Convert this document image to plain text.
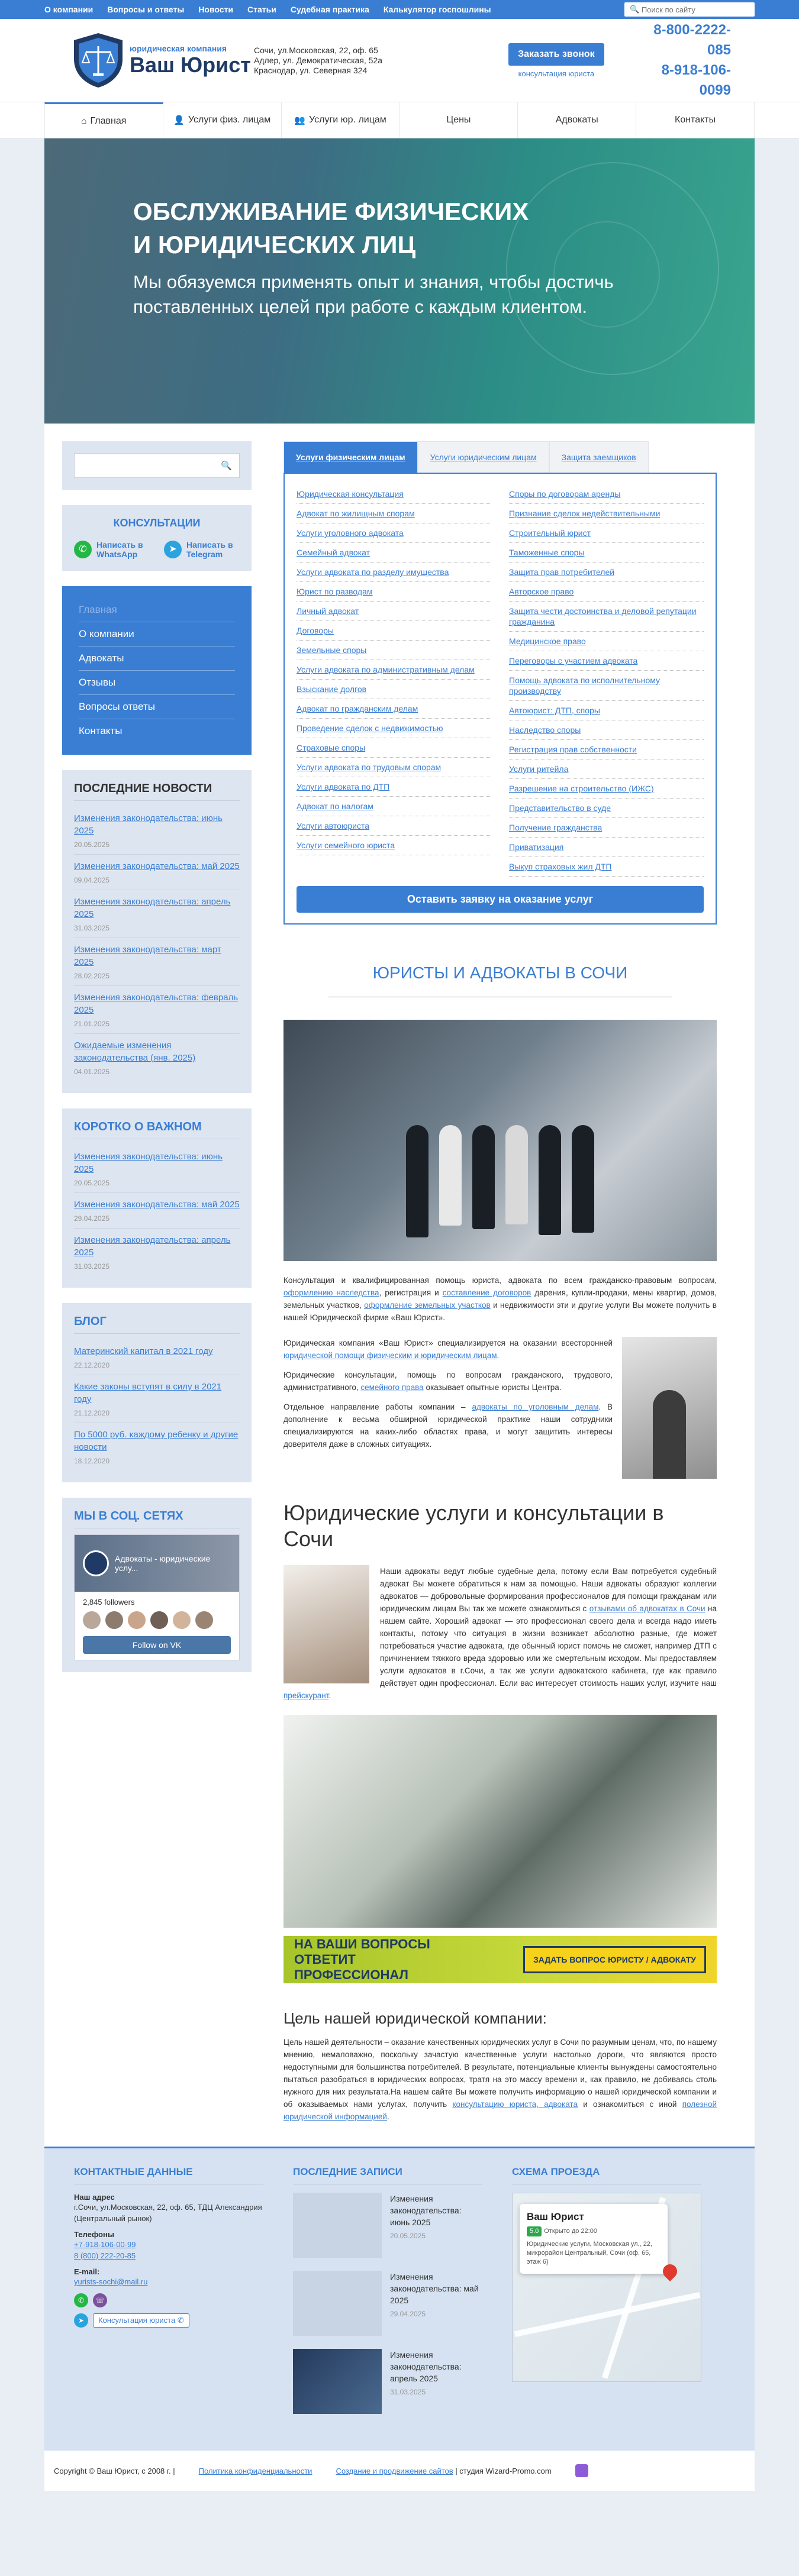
О компании Вопросы и ответы Новости Статьи Судебная практика Калькулятор госпошлины	🔍
Поиск по сайту
юридическая компания
Ваш Юрист
Сочи, ул.Московская, 22, оф. 65
Адлер, ул. Демократическая, 52а
Краснодар, ул. Северная 324
Заказать звонок
консультация юриста
8-800-2222-085
8-918-106-0099
⌂ Главная	👤 Услуги физ. лицам	👥 Услуги юр. лицам	Цены	Адвокаты	Контакты
ОБСЛУЖИВАНИЕ ФИЗИЧЕСКИХ
И ЮРИДИЧЕСКИХ ЛИЦ
Мы обязуемся применять опыт и знания, чтобы достичь поставленных целей при работе с каждым клиентом.
🔍
КОНСУЛЬТАЦИИ
✆	Написать в WhatsApp	➤	Написать в Telegram
Главная
О компании
Адвокаты
Отзывы
Вопросы ответы
Контакты
ПОСЛЕДНИЕ НОВОСТИ
Изменения законодательства: июнь 2025
20.05.2025
Изменения законодательства: май 2025
09.04.2025
Изменения законодательства: апрель 2025
31.03.2025
Изменения законодательства: март 2025
28.02.2025
Изменения законодательства: февраль 2025
21.01.2025
Ожидаемые изменения законодательства (янв. 2025)
04.01.2025
КОРОТКО О ВАЖНОМ
Изменения законодательства: июнь 2025
20.05.2025
Изменения законодательства: май 2025
29.04.2025
Изменения законодательства: апрель 2025
31.03.2025
БЛОГ
Материнский капитал в 2021 году
22.12.2020
Какие законы вступят в силу в 2021 году
21.12.2020
По 5000 руб. каждому ребенку и другие новости
18.12.2020
МЫ В СОЦ. СЕТЯХ
Адвокаты - юридические услу...
2,845 followers
Follow on VK
Услуги физическим лицам	Услуги юридическим лицам	Защита заемщиков
Юридическая консультация
Адвокат по жилищным спорам
Услуги уголовного адвоката
Семейный адвокат
Услуги адвоката по разделу имущества
Юрист по разводам
Личный адвокат
Договоры
Земельные споры
Услуги адвоката по административным делам
Взыскание долгов
Адвокат по гражданским делам
Проведение сделок с недвижимостью
Страховые споры
Услуги адвоката по трудовым спорам
Услуги адвоката по ДТП
Адвокат по налогам
Услуги автоюриста
Услуги семейного юриста
Споры по договорам аренды
Признание сделок недействительными
Строительный юрист
Таможенные споры
Защита прав потребителей
Авторское право
Защита чести достоинства и деловой репутации гражданина
Медицинское право
Переговоры с участием адвоката
Помощь адвоката по исполнительному производству
Автоюрист: ДТП, споры
Наследство споры
Регистрация прав собственности
Услуги ритейла
Разрешение на строительство (ИЖС)
Представительство в суде
Получение гражданства
Приватизация
Выкуп страховых жил ДТП
Оставить заявку на оказание услуг
ЮРИСТЫ И АДВОКАТЫ В СОЧИ
Консультация и квалифицированная помощь юриста, адвоката по всем гражданско-правовым вопросам, оформлению наследства, регистрация и составление договоров дарения, купли-продажи, мены квартир, домов, земельных участков, оформление земельных участков и недвижимости эти и другие услуги Вы можете получить в нашей Юридической фирме «Ваш Юрист».

Юридическая компания «Ваш Юрист» специализируется на оказании всесторонней юридической помощи физическим и юридическим лицам.

Юридические консультации, помощь по вопросам гражданского, трудового, административного, семейного права оказывает опытные юристы Центра.

Отдельное направление работы компании – адвокаты по уголовным делам. В дополнение к весьма обширной юридической практике наши сотрудники специализируются на каких-либо областях права, и могут защитить интересы доверителя даже в сложных ситуациях.

Юридические услуги и консультации в Сочи

Наши адвокаты ведут любые судебные дела, потому если Вам потребуется судебный адвокат Вы можете обратиться к нам за помощью. Наши адвокаты образуют коллегии адвокатов — добровольные формирования профессионалов для помощи гражданам или юридическим лицам Вы так же можете ознакомиться с отзывами об адвокатах в Сочи на нашем сайте. Хороший адвокат — это профессионал своего дела и всегда надо иметь контакты, потому что ситуация в жизни возникает абсолютно разные, где может потребоваться участие адвоката, где обычный юрист помочь не сможет, например ДТП с причинением тяжкого вреда здоровью или же смертельным исходом. Мы предоставляем услуги адвокатов в г.Сочи, а так же услуги адвокатского кабинета, где как правило действует один профессионал. Если вас интересует стоимость наших услуг, изучите наш прейскурант.

НА ВАШИ ВОПРОСЫ ОТВЕТИТ ПРОФЕССИОНАЛ
ЗАДАТЬ ВОПРОС ЮРИСТУ / АДВОКАТУ
Цель нашей юридической компании:

Цель нашей деятельности – оказание качественных юридических услуг в Сочи по разумным ценам, что, по нашему мнению, немаловажно, поскольку зачастую качественные услуги настолько дороги, что являются просто недоступными для большинства потребителей. В результате, потенциальные клиенты вынуждены самостоятельно пытаться разобраться в юридических вопросах, тратя на это массу времени и, как правило, не добиваясь столь нужного для них результата.На нашем сайте Вы можете получить информацию о нашей юридической компании и об оказываемых нами услугах, получить консультацию юриста, адвоката и ознакомиться с иной полезной юридической информацией.

КОНТАКТНЫЕ ДАННЫЕ
Наш адрес
г.Сочи, ул.Московская, 22, оф. 65, ТДЦ Александрия (Центральный рынок)
Телефоны
+7-918-106-00-99
8 (800) 222-20-85
E-mail:
yurists-sochi@mail.ru
✆	☏
➤	Консультация юриста ✆
ПОСЛЕДНИЕ ЗАПИСИ
Изменения законодательства: июнь 2025
20.05.2025
Изменения законодательства: май 2025
29.04.2025
Изменения законодательства: апрель 2025
31.03.2025
СХЕМА ПРОЕЗДА
Ваш Юрист
5.0 Открыто до 22:00
Юридические услуги, Московская ул., 22, микрорайон Центральный, Сочи (оф. 65, этаж 6)
Copyright © Ваш Юрист, с 2008 г. |	Политика конфиденциальности	Создание и продвижение сайтов | студия Wizard-Promo.com
